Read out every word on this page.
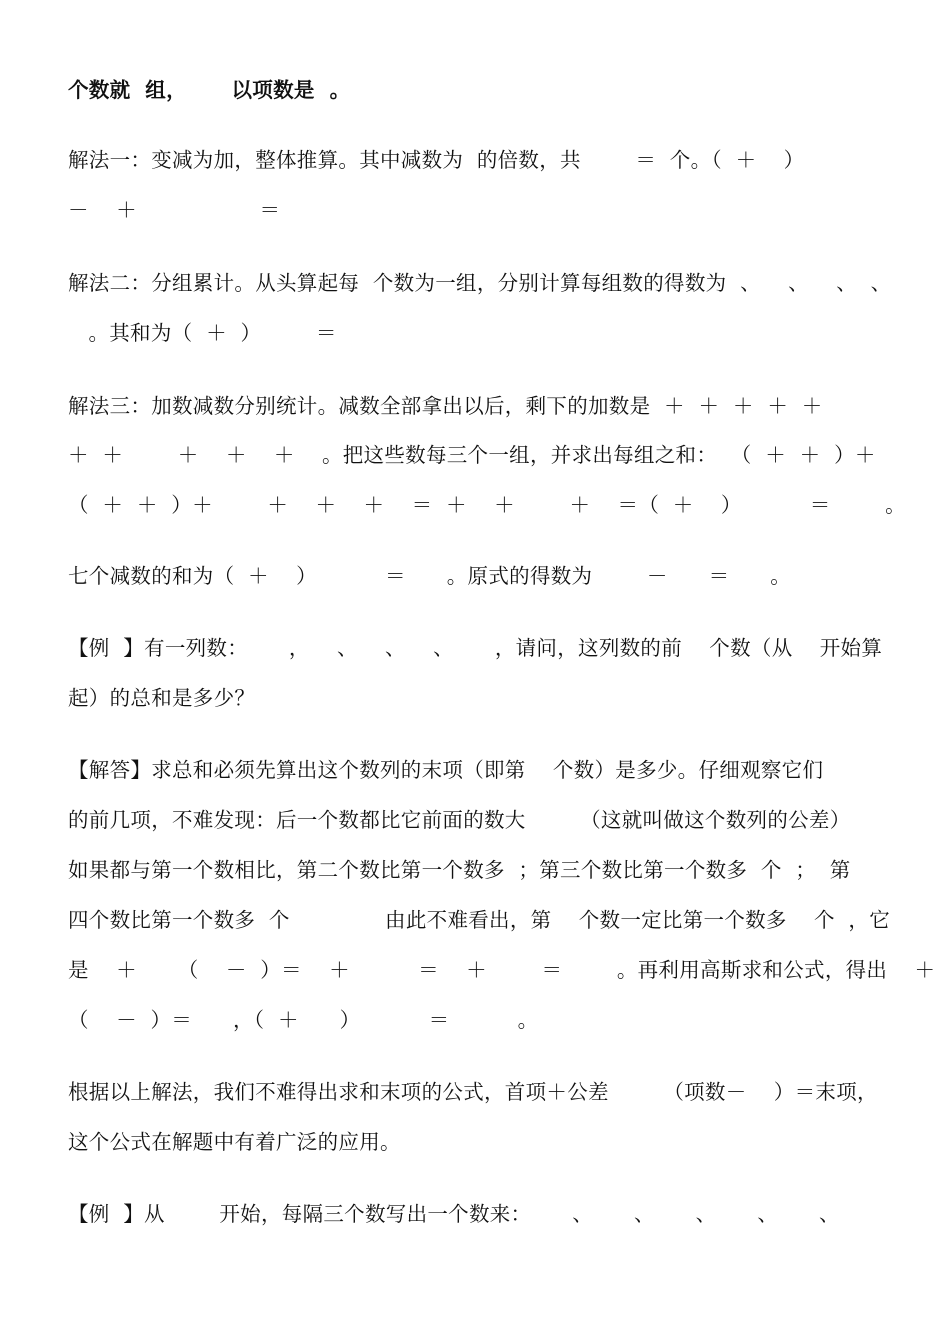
个数就  组，      以项数是  。
解法一：变减为加，整体推算。其中减数为  的倍数，共        ＝  个。（  ＋    ）
－    ＋                  ＝
解法二：分组累计。从头算起每  个数为一组，分别计算每组数的得数为  、    、    、  、
。其和为（  ＋  ）        ＝
解法三：加数减数分别统计。减数全部拿出以后，剩下的加数是  ＋  ＋  ＋  ＋  ＋
＋  ＋        ＋    ＋    ＋    。把这些数每三个一组，并求出每组之和：  （  ＋  ＋  ）＋
（  ＋  ＋  ）＋        ＋    ＋    ＋    ＝  ＋    ＋        ＋    ＝（  ＋    ）          ＝        。
七个减数的和为（  ＋    ）          ＝      。原式的得数为        －      ＝      。
【例  】有一列数：      ，    、    、    、      ，请问，这列数的前    个数（从    开始算
起）的总和是多少？
【解答】求总和必须先算出这个数列的末项（即第    个数）是多少。仔细观察它们
的前几项，不难发现：后一个数都比它前面的数大        （这就叫做这个数列的公差）
如果都与第一个数相比，第二个数比第一个数多  ；第三个数比第一个数多  个  ；  第
四个数比第一个数多  个              由此不难看出，第    个数一定比第一个数多    个  ，它
是    ＋      （    －  ）＝    ＋          ＝    ＋        ＝        。再利用高斯求和公式，得出    ＋
（    －  ）＝      ，（  ＋      ）          ＝          。
根据以上解法，我们不难得出求和末项的公式，首项＋公差        （项数－    ）＝末项，
这个公式在解题中有着广泛的应用。
【例  】从        开始，每隔三个数写出一个数来：      、      、      、      、      、
